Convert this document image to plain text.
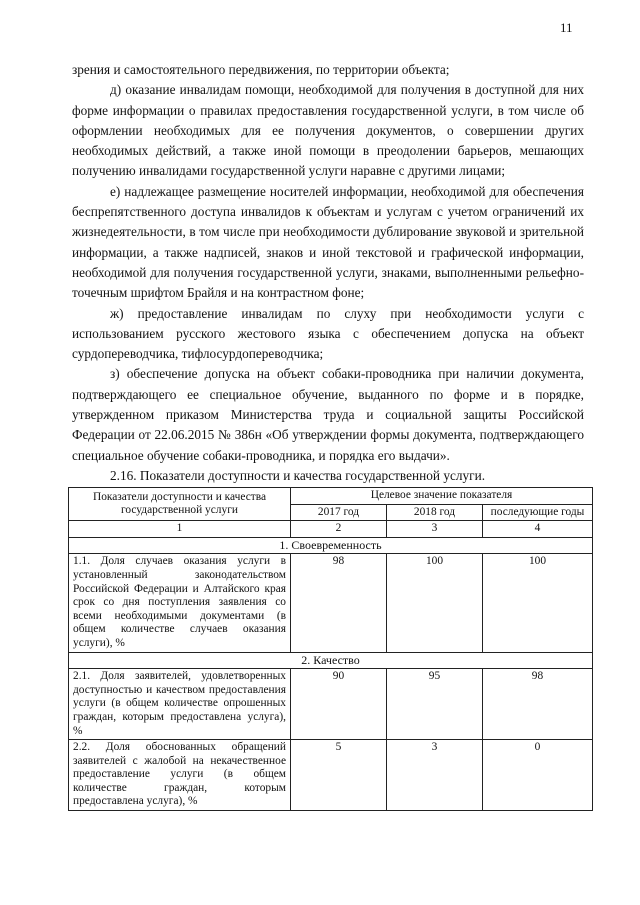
11

зрения и самостоятельного передвижения, по территории объекта;

д) оказание инвалидам помощи, необходимой для получения в доступной для них форме информации о правилах предоставления государственной услуги, в том числе об оформлении необходимых для ее получения документов, о совершении других необходимых действий, а также иной помощи в преодолении барьеров, мешающих получению инвалидами государственной услуги наравне с другими лицами;

е) надлежащее размещение носителей информации, необходимой для обеспечения беспрепятственного доступа инвалидов к объектам и услугам с учетом ограничений их жизнедеятельности, в том числе при необходимости дублирование звуковой и зрительной информации, а также надписей, знаков и иной текстовой и графической информации, необходимой для получения государственной услуги, знаками, выполненными рельефно-точечным шрифтом Брайля и на контрастном фоне;

ж) предоставление инвалидам по слуху при необходимости услуги с использованием русского жестового языка с обеспечением допуска на объект сурдопереводчика, тифлосурдопереводчика;

з) обеспечение допуска на объект собаки-проводника при наличии документа, подтверждающего ее специальное обучение, выданного по форме и в порядке, утвержденном приказом Министерства труда и социальной защиты Российской Федерации от 22.06.2015 № 386н «Об утверждении формы документа, подтверждающего специальное обучение собаки-проводника, и порядка его выдачи».

2.16. Показатели доступности и качества государственной услуги.

Показатели доступности и качества государственной услуги	Целевое значение показателя		
	2017 год	2018 год	последующие годы
1	2	3	4
1. Своевременность			
1.1. Доля случаев оказания услуги в установленный законодательством Российской Федерации и Алтайского края срок со дня поступления заявления со всеми необходимыми документами (в общем количестве случаев оказания услуги), %	98	100	100
2. Качество			
2.1. Доля заявителей, удовлетворенных доступностью и качеством предоставления услуги (в общем количестве опрошенных граждан, которым предоставлена услуга), %	90	95	98
2.2. Доля обоснованных обращений заявителей с жалобой на некачественное предоставление услуги (в общем количестве граждан, которым предоставлена услуга), %	5	3	0
